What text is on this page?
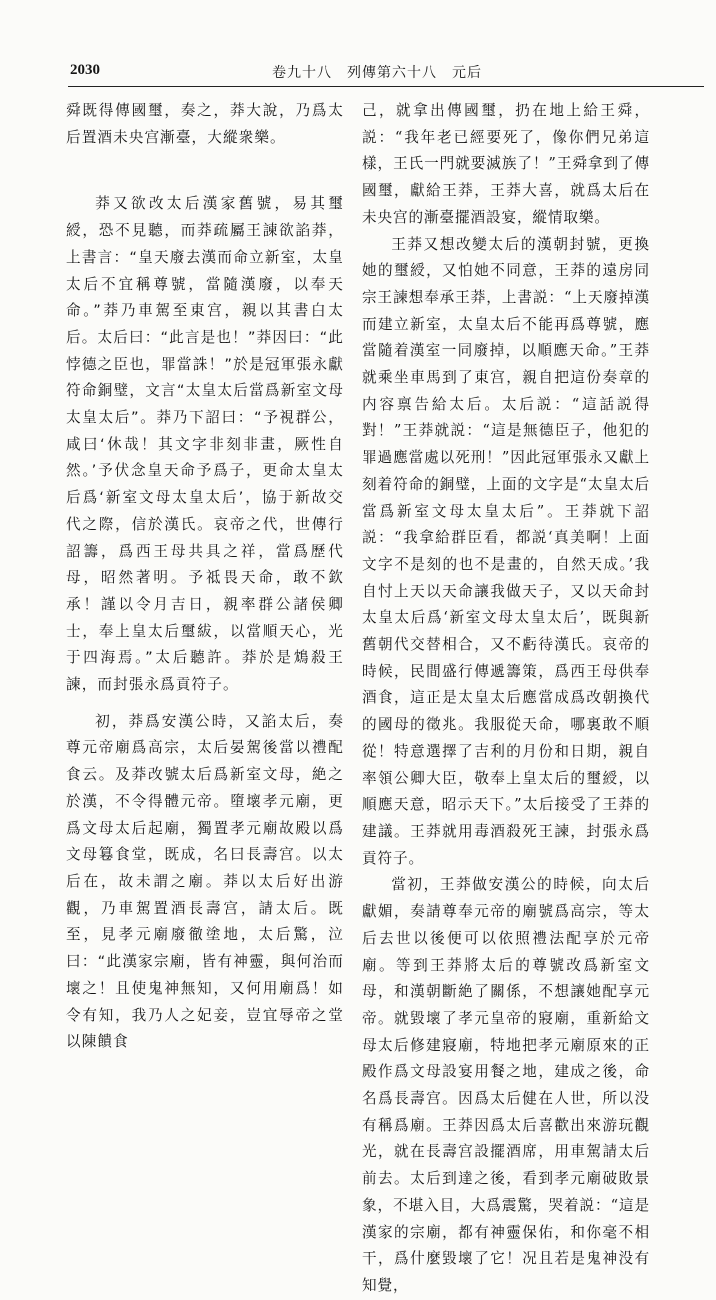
2030	卷九十八　列傳第六十八　元后

舜既得傳國璽，奏之，莽大說，乃爲太后置酒未央宫漸臺，大縱衆樂。

莽又欲改太后漢家舊號，易其璽綬，恐不見聽，而莽疏屬王諫欲諂莽，上書言：“皇天廢去漢而命立新室，太皇太后不宜稱尊號，當隨漢廢，以奉天命。”莽乃車駕至東宫，親以其書白太后。太后曰：“此言是也！”莽因曰：“此悖德之臣也，罪當誅！”於是冠軍張永獻符命銅璧，文言“太皇太后當爲新室文母太皇太后”。莽乃下詔曰：“予視群公，咸曰‘休哉！其文字非刻非畫，厥性自然。’予伏念皇天命予爲子，更命太皇太后爲‘新室文母太皇太后’，協于新故交代之際，信於漢氏。哀帝之代，世傳行詔籌，爲西王母共具之祥，當爲歷代母，昭然著明。予祗畏天命，敢不欽承！謹以令月吉日，親率群公諸侯卿士，奉上皇太后璽紱，以當順天心，光于四海焉。”太后聽許。莽於是鴆殺王諫，而封張永爲貢符子。

初，莽爲安漢公時，又諂太后，奏尊元帝廟爲高宗，太后晏駕後當以禮配食云。及莽改號太后爲新室文母，絶之於漢，不令得體元帝。墮壞孝元廟，更爲文母太后起廟，獨置孝元廟故殿以爲文母篹食堂，既成，名曰長壽宫。以太后在，故未謂之廟。莽以太后好出游觀，乃車駕置酒長壽宫，請太后。既至，見孝元廟廢徹塗地，太后驚，泣曰：“此漢家宗廟，皆有神靈，與何治而壞之！且使鬼神無知，又何用廟爲！如令有知，我乃人之妃妾，豈宜辱帝之堂以陳饋食

己，就拿出傳國璽，扔在地上給王舜，説：“我年老已經要死了，像你們兄弟這樣，王氏一門就要滅族了！”王舜拿到了傳國璽，獻給王莽，王莽大喜，就爲太后在未央宫的漸臺擺酒設宴，縱情取樂。

王莽又想改變太后的漢朝封號，更換她的璽綬，又怕她不同意，王莽的遠房同宗王諫想奉承王莽，上書説：“上天廢掉漢而建立新室，太皇太后不能再爲尊號，應當隨着漢室一同廢掉，以順應天命。”王莽就乘坐車馬到了東宫，親自把這份奏章的内容禀告給太后。太后説：“這話説得對！”王莽就説：“這是無德臣子，他犯的罪過應當處以死刑！”因此冠軍張永又獻上刻着符命的銅璧，上面的文字是“太皇太后當爲新室文母太皇太后”。王莽就下詔説：“我拿給群臣看，都説‘真美啊！上面文字不是刻的也不是畫的，自然天成。’我自忖上天以天命讓我做天子，又以天命封太皇太后爲‘新室文母太皇太后’，既與新舊朝代交替相合，又不虧待漢氏。哀帝的時候，民間盛行傳遞籌策，爲西王母供奉酒食，這正是太皇太后應當成爲改朝換代的國母的徵兆。我服從天命，哪裏敢不順從！特意選擇了吉利的月份和日期，親自率領公卿大臣，敬奉上皇太后的璽綬，以順應天意，昭示天下。”太后接受了王莽的建議。王莽就用毒酒殺死王諫，封張永爲貢符子。

當初，王莽做安漢公的時候，向太后獻媚，奏請尊奉元帝的廟號爲高宗，等太后去世以後便可以依照禮法配享於元帝廟。等到王莽將太后的尊號改爲新室文母，和漢朝斷絶了關係，不想讓她配享元帝。就毀壞了孝元皇帝的寢廟，重新給文母太后修建寢廟，特地把孝元廟原來的正殿作爲文母設宴用餐之地，建成之後，命名爲長壽宫。因爲太后健在人世，所以没有稱爲廟。王莽因爲太后喜歡出來游玩觀光，就在長壽宫設擺酒席，用車駕請太后前去。太后到達之後，看到孝元廟破敗景象，不堪入目，大爲震驚，哭着説：“這是漢家的宗廟，都有神靈保佑，和你毫不相干，爲什麼毀壞了它！况且若是鬼神没有知覺，
